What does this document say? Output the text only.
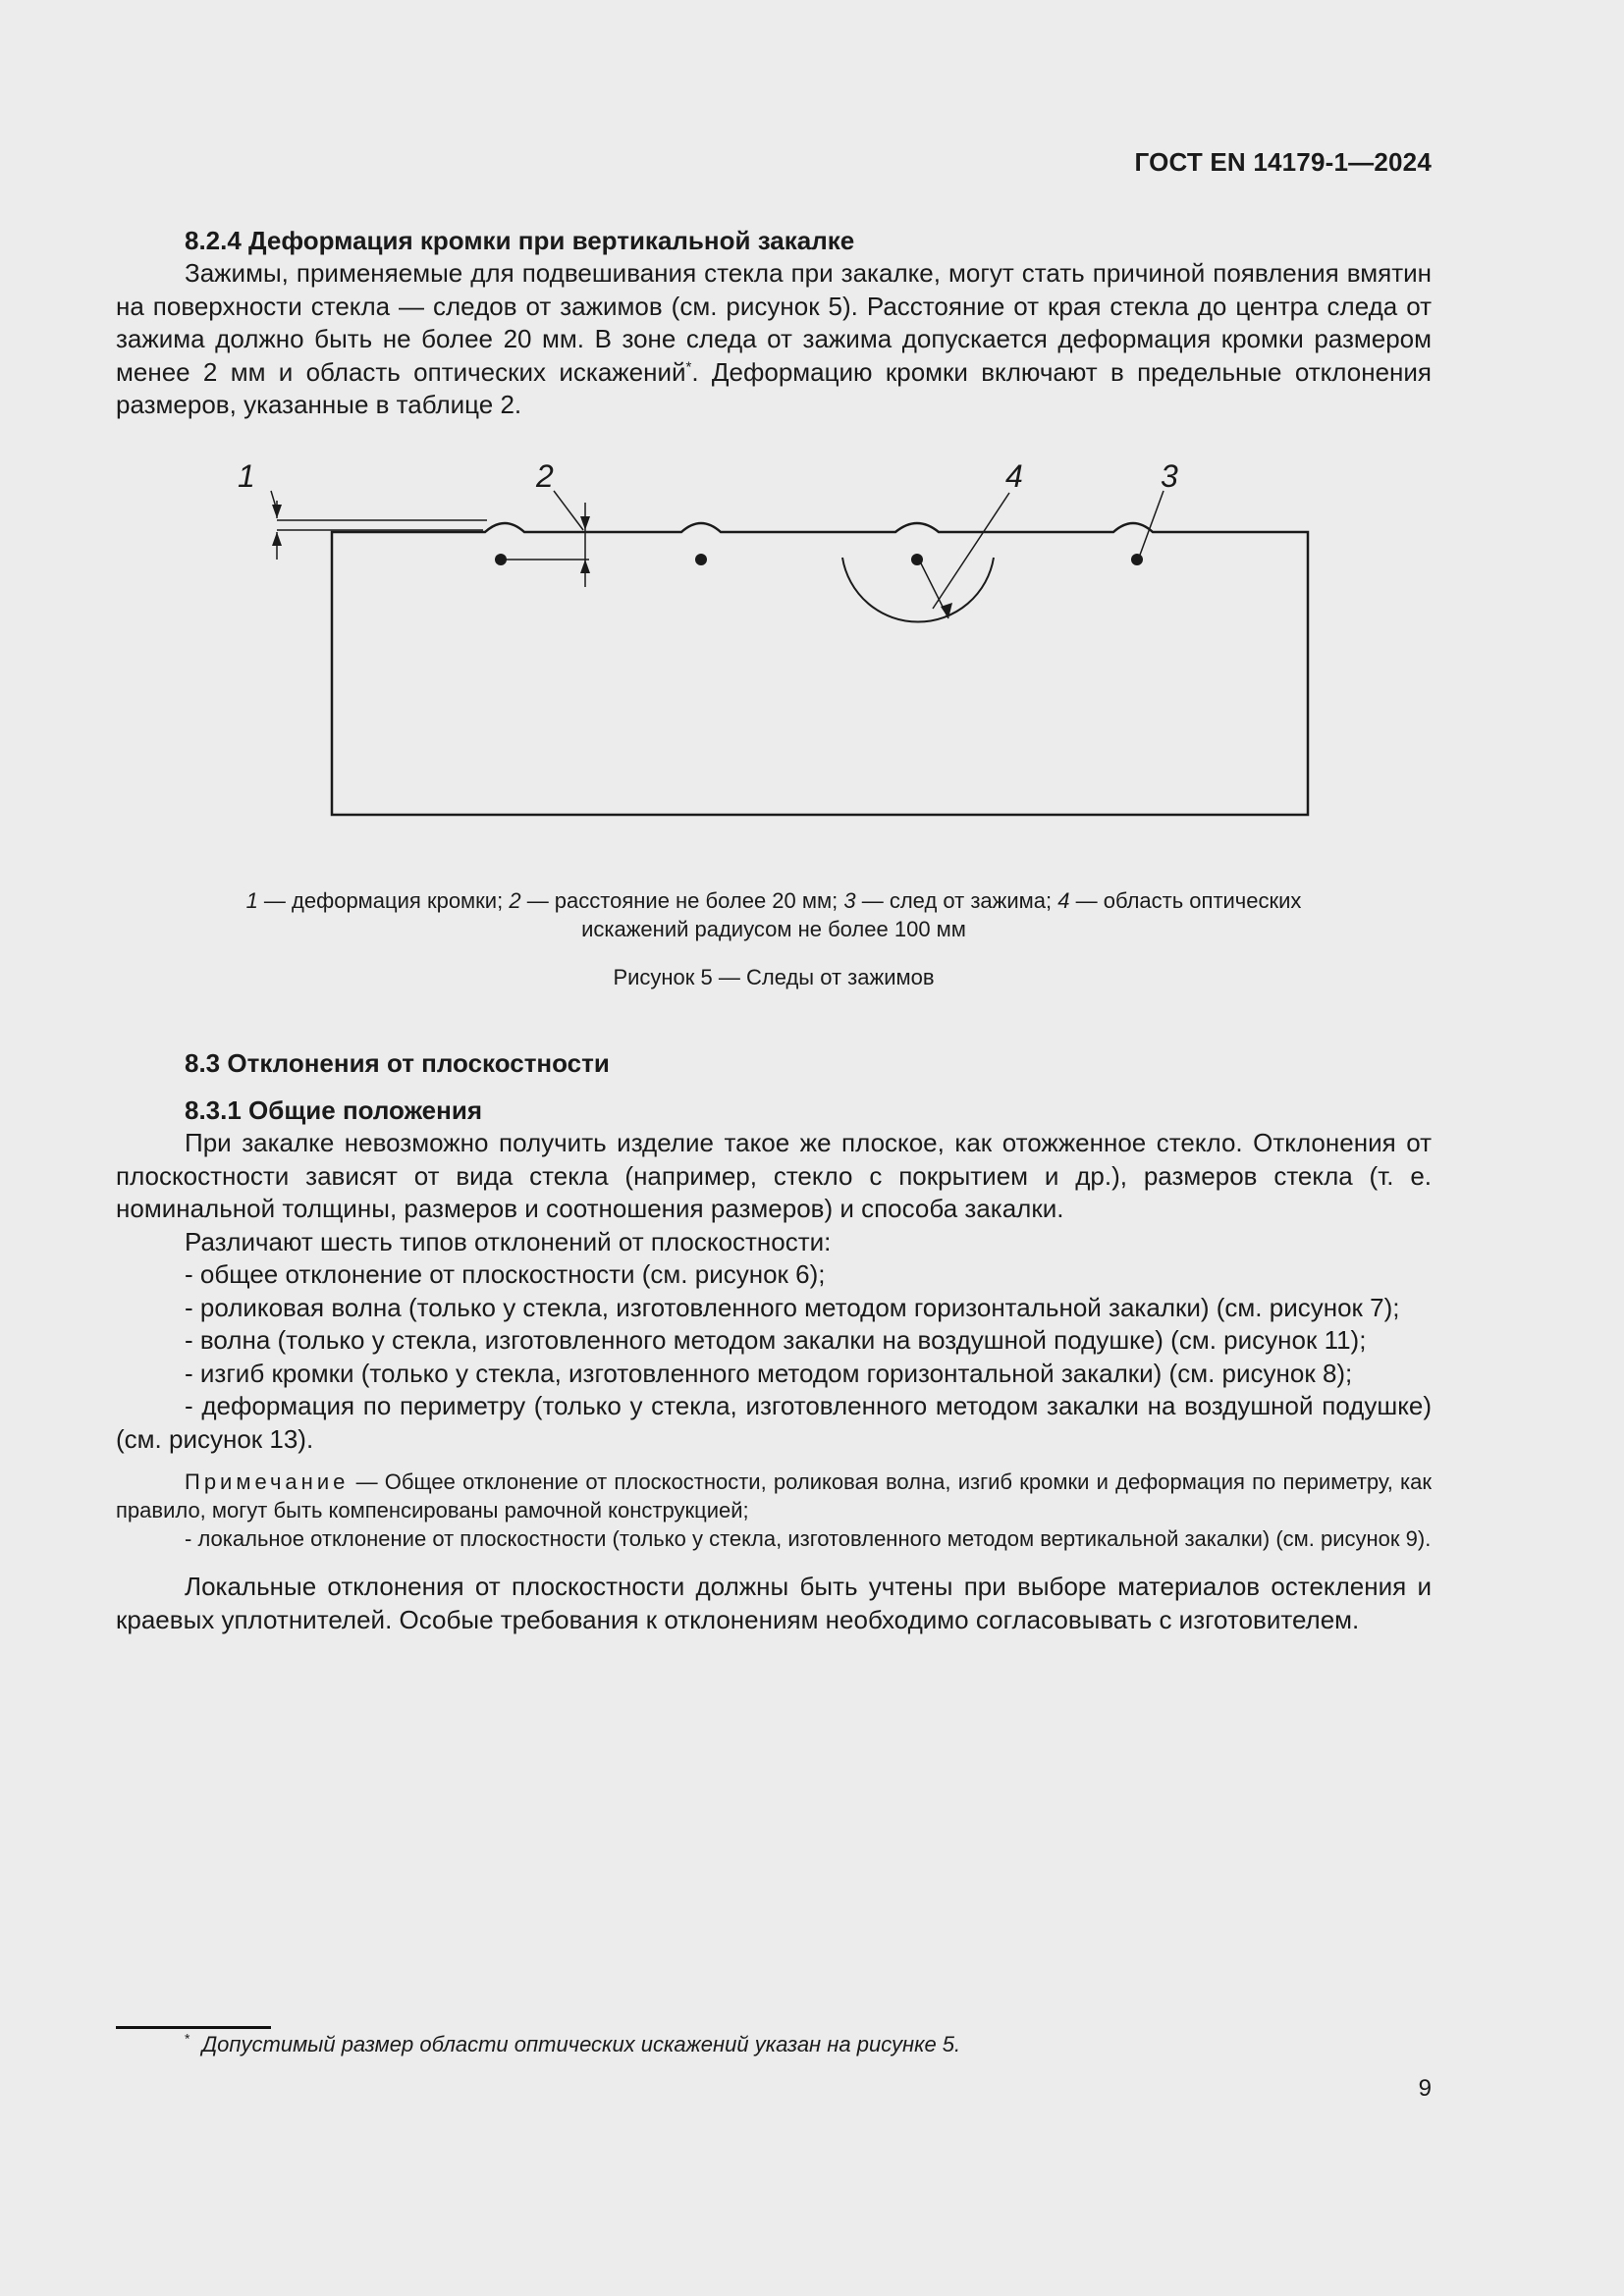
ГОСТ EN 14179-1—2024

8.2.4 Деформация кромки при вертикальной закалке

Зажимы, применяемые для подвешивания стекла при закалке, могут стать причиной появления вмятин на поверхности стекла — следов от зажимов (см. рисунок 5). Расстояние от края стекла до центра следа от зажима должно быть не более 20 мм. В зоне следа от зажима допускается деформация кромки размером менее 2 мм и область оптических искажений*. Деформацию кромки включают в предельные отклонения размеров, указанные в таблице 2.

1	2	4	3
1 — деформация кромки; 2 — расстояние не более 20 мм; 3 — след от зажима; 4 — область оптических
искажений радиусом не более 100 мм
Рисунок 5 — Следы от зажимов

8.3 Отклонения от плоскостности

8.3.1 Общие положения

При закалке невозможно получить изделие такое же плоское, как отожженное стекло. Отклонения от плоскостности зависят от вида стекла (например, стекло с покрытием и др.), размеров стекла (т. е. номинальной толщины, размеров и соотношения размеров) и способа закалки.

Различают шесть типов отклонений от плоскостности:

- общее отклонение от плоскостности (см. рисунок 6);

- роликовая волна (только у стекла, изготовленного методом горизонтальной закалки) (см. рисунок 7);

- волна (только у стекла, изготовленного методом закалки на воздушной подушке) (см. рисунок 11);

- изгиб кромки (только у стекла, изготовленного методом горизонтальной закалки) (см. рисунок 8);

- деформация по периметру (только у стекла, изготовленного методом закалки на воздушной подушке) (см. рисунок 13).

Примечание — Общее отклонение от плоскостности, роликовая волна, изгиб кромки и деформация по периметру, как правило, могут быть компенсированы рамочной конструкцией;

- локальное отклонение от плоскостности (только у стекла, изготовленного методом вертикальной закалки) (см. рисунок 9).

Локальные отклонения от плоскостности должны быть учтены при выборе материалов остекления и краевых уплотнителей. Особые требования к отклонениям необходимо согласовывать с изготовителем.

* Допустимый размер области оптических искажений указан на рисунке 5.
9
